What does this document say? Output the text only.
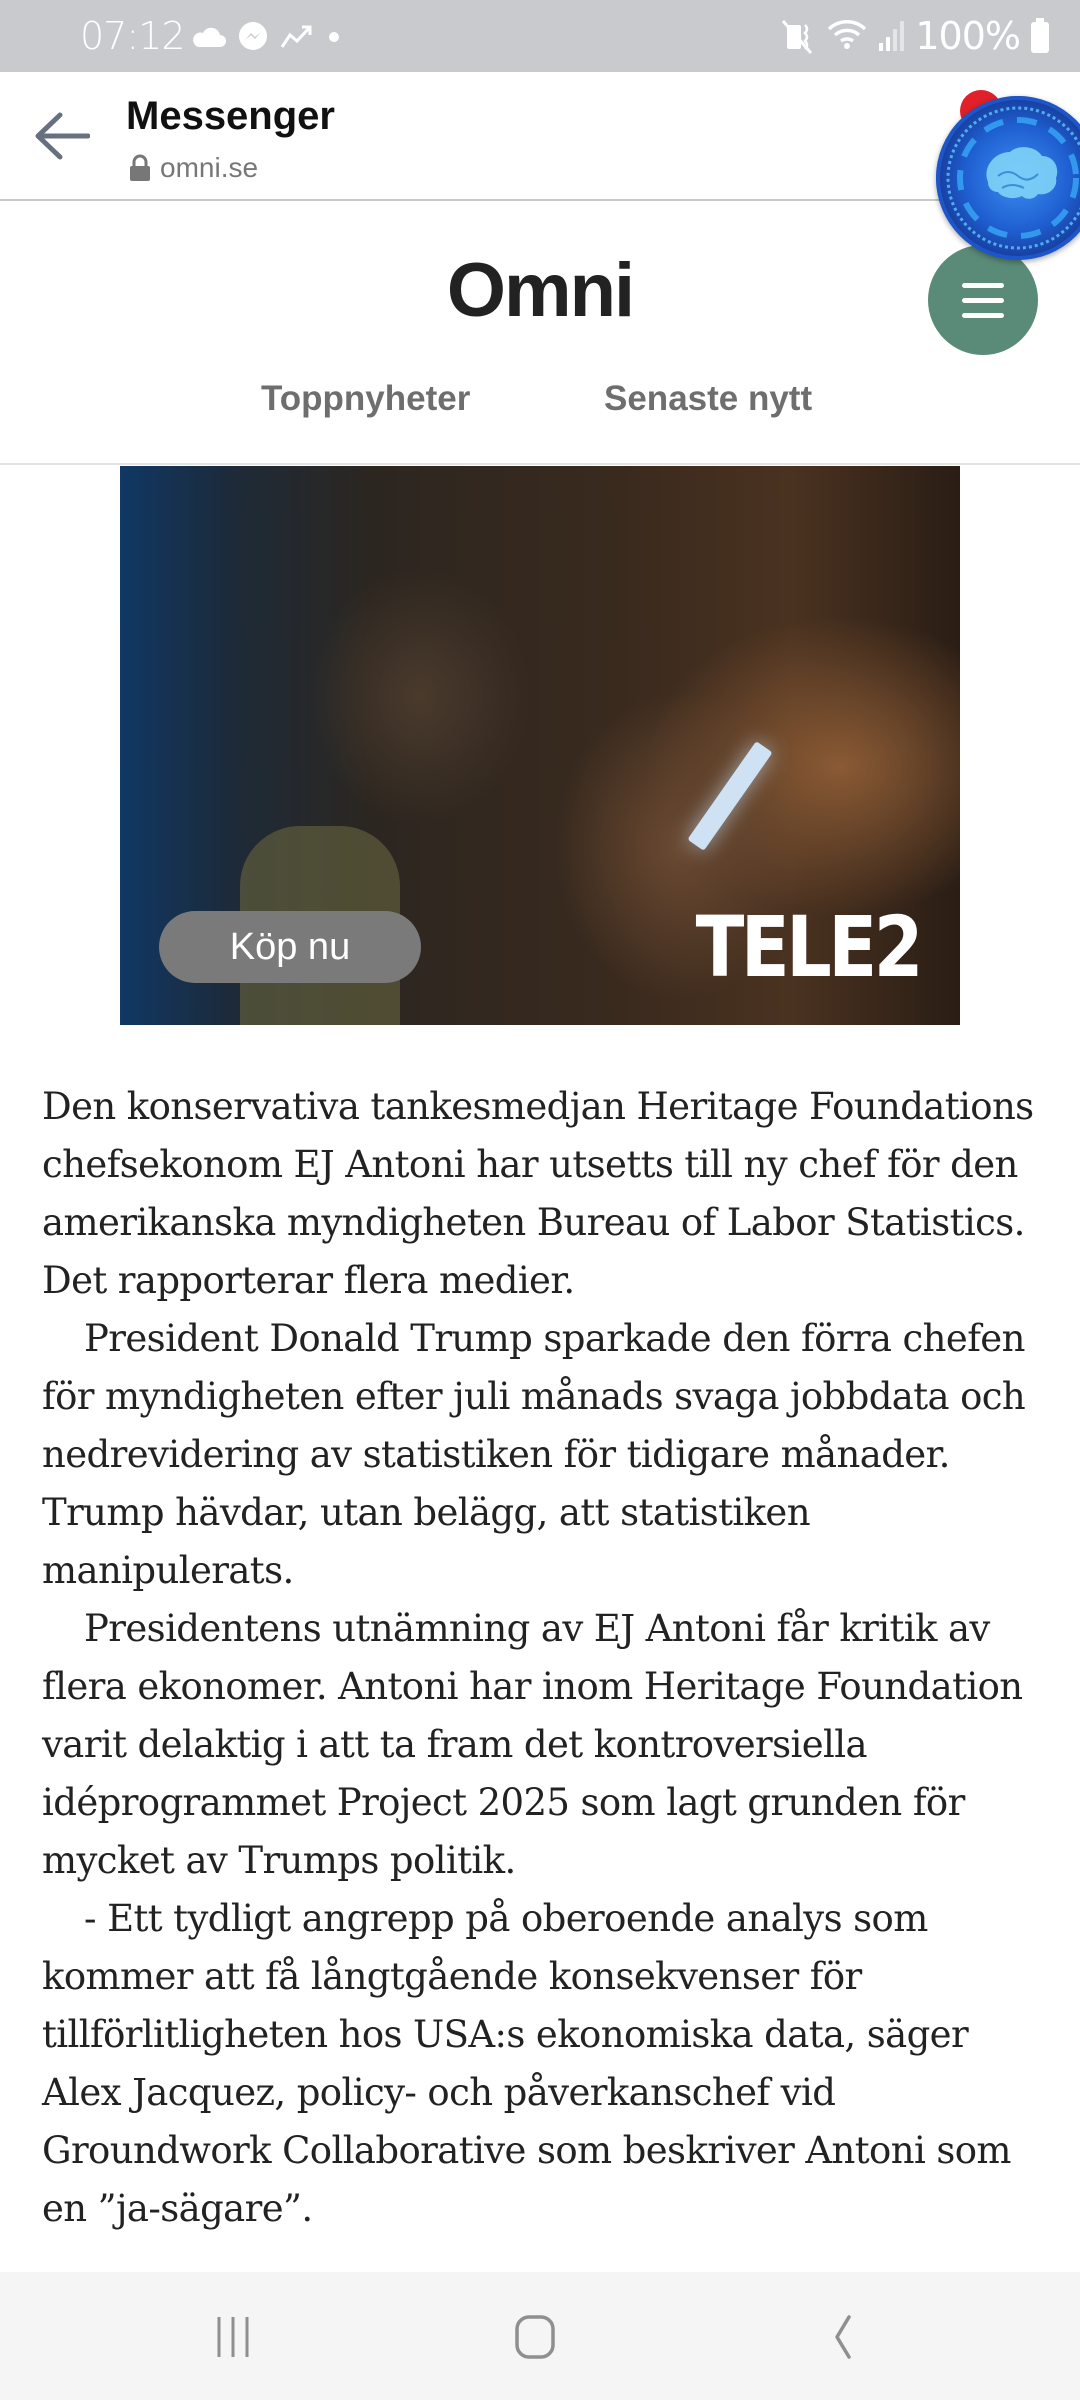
07:12	100%
Messenger
omni.se
Omni
Toppnyheter	Senaste nytt
Köp nu	TELE2

Den konservativa tankesmedjan Heritage Foundations chefsekonom EJ Antoni har utsetts till ny chef för den amerikanska myndigheten Bureau of Labor Statistics. Det rapporterar flera medier.

President Donald Trump sparkade den förra chefen för myndigheten efter juli månads svaga jobbdata och nedrevidering av statistiken för tidigare månader. Trump hävdar, utan belägg, att statistiken manipulerats.

Presidentens utnämning av EJ Antoni får kritik av flera ekonomer. Antoni har inom Heritage Foundation varit delaktig i att ta fram det kontroversiella idéprogrammet Project 2025 som lagt grunden för mycket av Trumps politik.

- Ett tydligt angrepp på oberoende analys som kommer att få långtgående konsekvenser för tillförlitligheten hos USA:s ekonomiska data, säger Alex Jacquez, policy- och påverkanschef vid Groundwork Collaborative som beskriver Antoni som en ”ja-sägare”.
